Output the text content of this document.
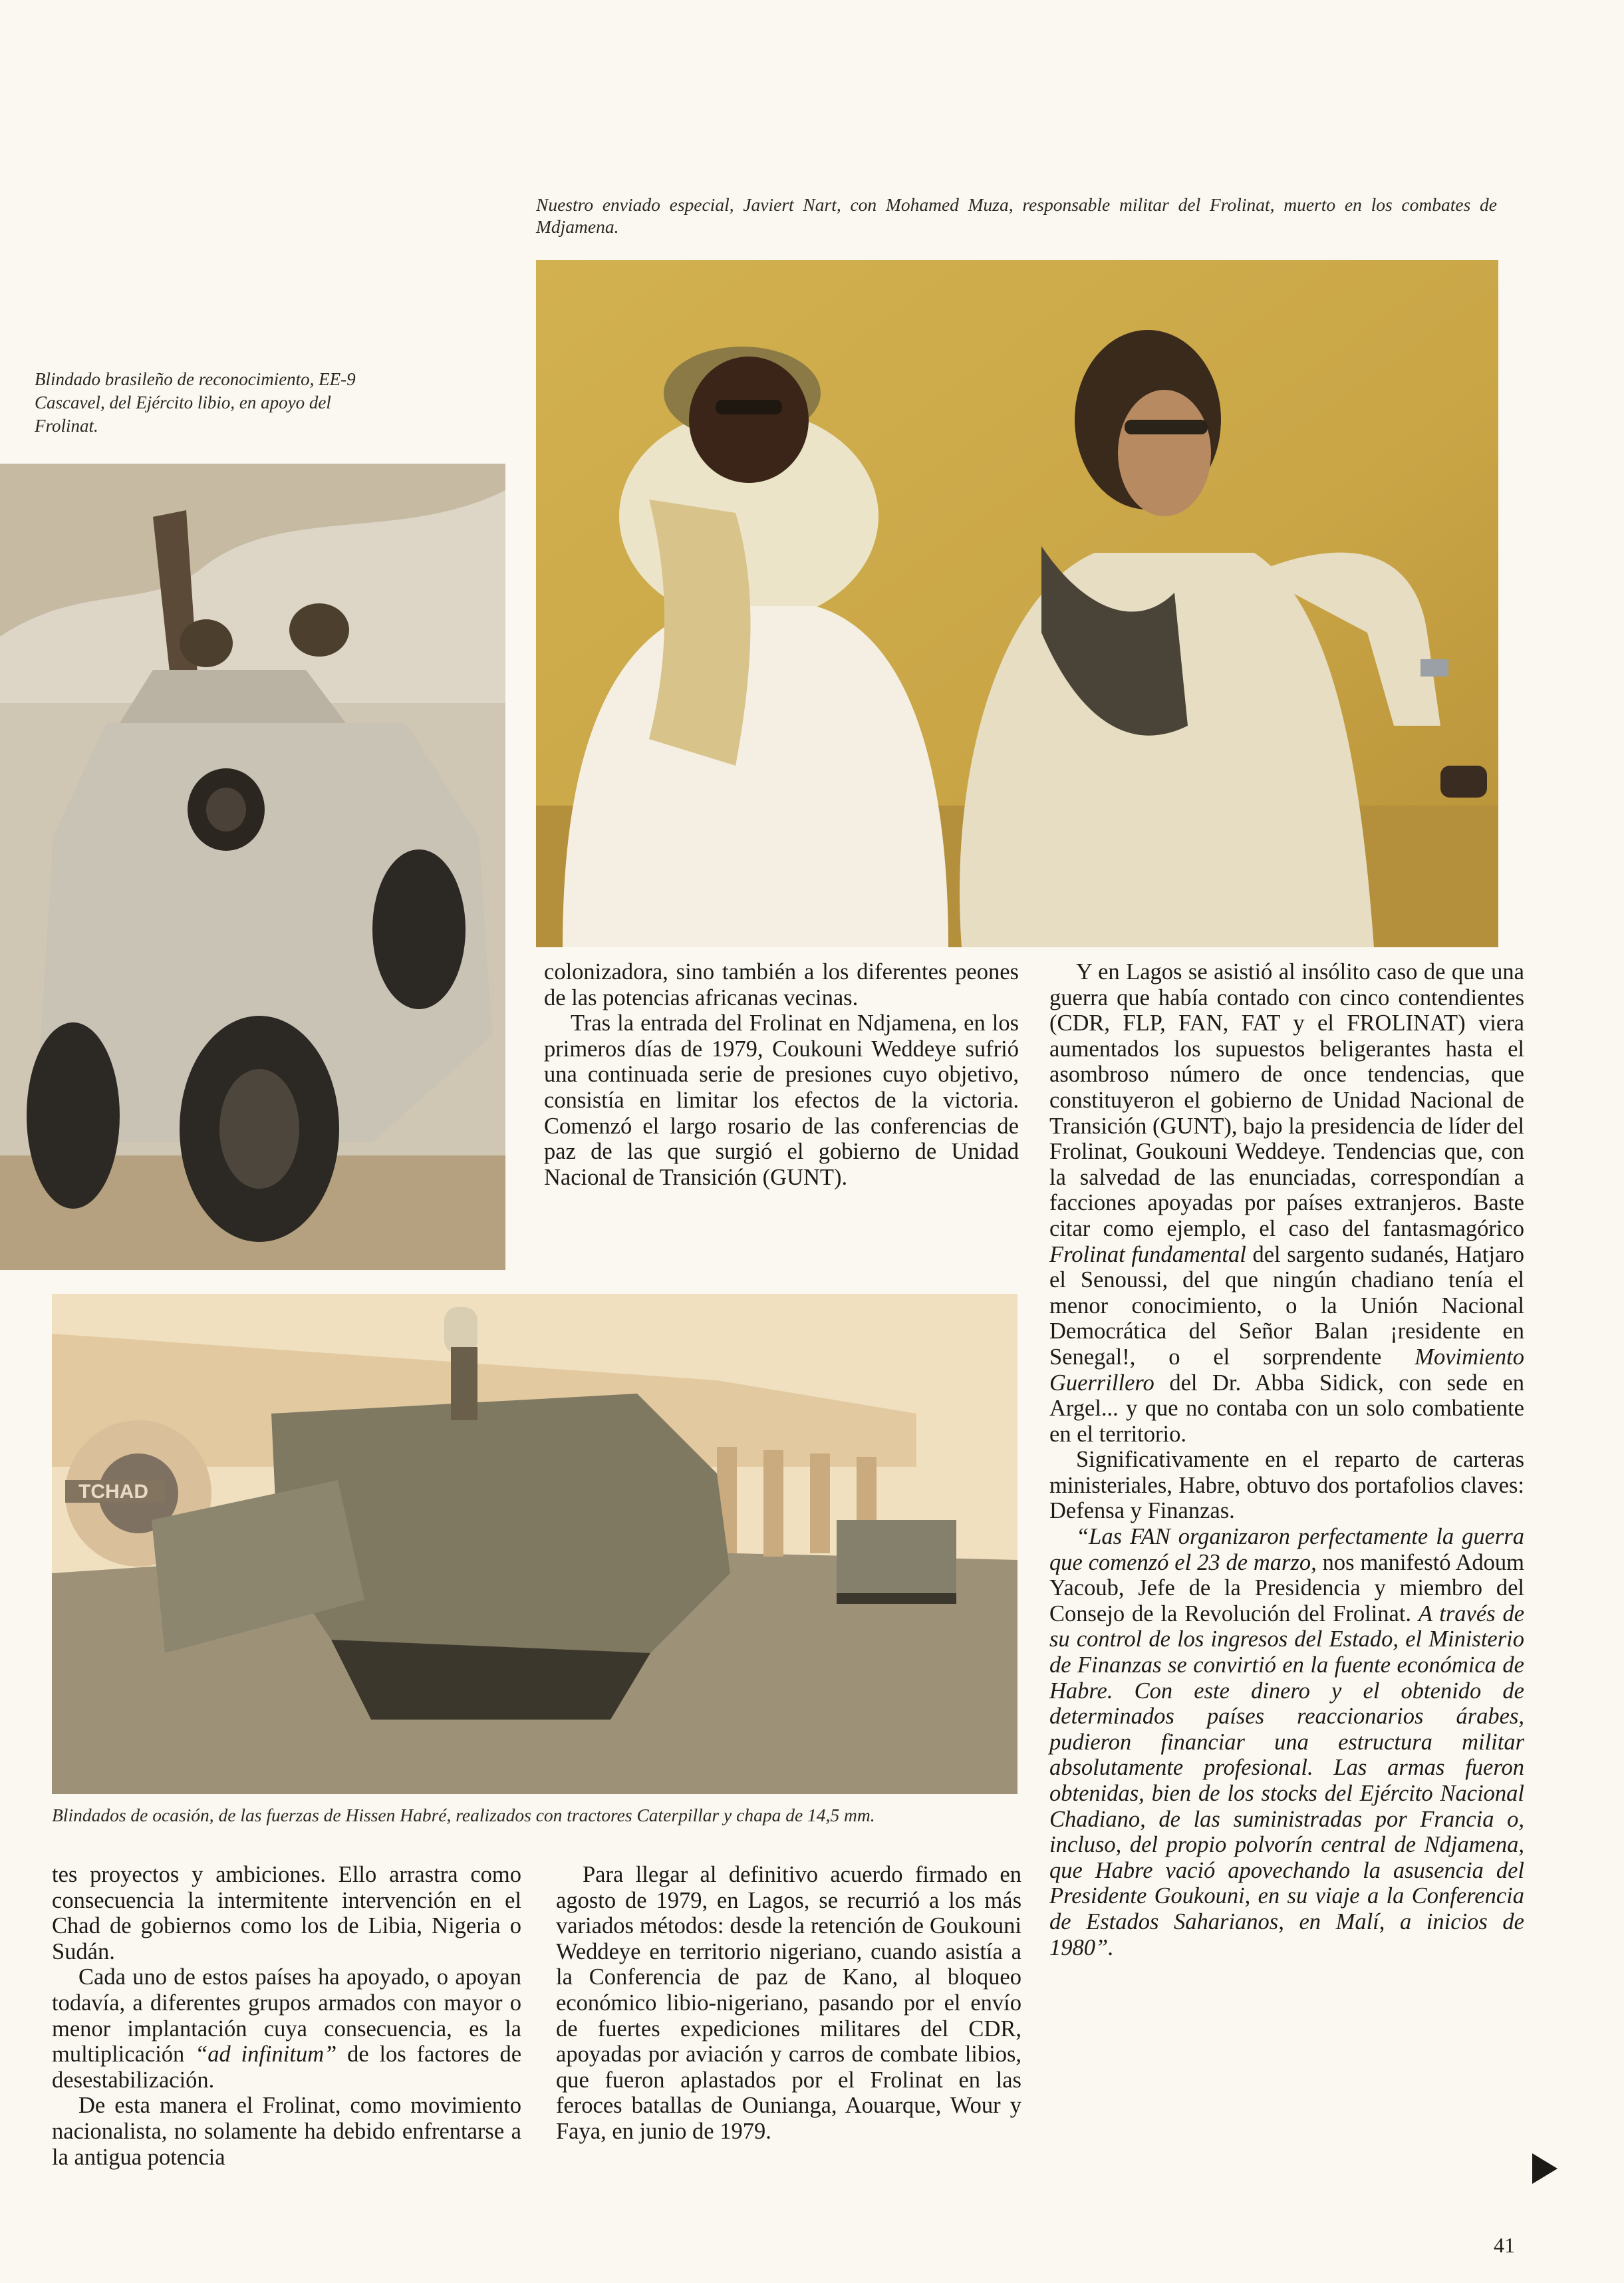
Nuestro enviado especial, Javiert Nart, con Mohamed Muza, responsable militar del Frolinat, muerto en los combates de Mdjamena.
Blindado brasileño de reconocimiento, EE-9 Cascavel, del Ejército libio, en apoyo del Frolinat.
TCHAD
Blindados de ocasión, de las fuerzas de Hissen Habré, realizados con tractores Caterpillar y chapa de 14,5 mm.

colonizadora, sino también a los diferentes peones de las potencias africanas vecinas.

Tras la entrada del Frolinat en Ndjamena, en los primeros días de 1979, Coukouni Weddeye sufrió una continuada serie de presiones cuyo objetivo, consistía en limitar los efectos de la victoria. Comenzó el largo rosario de las conferencias de paz de las que surgió el gobierno de Unidad Nacional de Transición (GUNT).

Y en Lagos se asistió al insólito caso de que una guerra que había contado con cinco contendientes (CDR, FLP, FAN, FAT y el FROLINAT) viera aumentados los supuestos beligerantes hasta el asombroso número de once tendencias, que constituyeron el gobierno de Unidad Nacional de Transición (GUNT), bajo la presidencia de líder del Frolinat, Goukouni Weddeye. Tendencias que, con la salvedad de las enunciadas, correspondían a facciones apoyadas por países extranjeros. Baste citar como ejemplo, el caso del fantasmagórico Frolinat fundamental del sargento sudanés, Hatjaro el Senoussi, del que ningún chadiano tenía el menor conocimiento, o la Unión Nacional Democrática del Señor Balan ¡residente en Senegal!, o el sorprendente Movimiento Guerrillero del Dr. Abba Sidick, con sede en Argel... y que no contaba con un solo combatiente en el territorio.

Significativamente en el reparto de carteras ministeriales, Habre, obtuvo dos portafolios claves: Defensa y Finanzas.

“Las FAN organizaron perfectamente la guerra que comenzó el 23 de marzo, nos manifestó Adoum Yacoub, Jefe de la Presidencia y miembro del Consejo de la Revolución del Frolinat. A través de su control de los ingresos del Estado, el Ministerio de Finanzas se convirtió en la fuente económica de Habre. Con este dinero y el obtenido de determinados países reaccionarios árabes, pudieron financiar una estructura militar absolutamente profesional. Las armas fueron obtenidas, bien de los stocks del Ejército Nacional Chadiano, de las suministradas por Francia o, incluso, del propio polvorín central de Ndjamena, que Habre vació apovechando la asusencia del Presidente Goukouni, en su viaje a la Conferencia de Estados Saharianos, en Malí, a inicios de 1980”.

tes proyectos y ambiciones. Ello arrastra como consecuencia la intermitente intervención en el Chad de gobiernos como los de Libia, Nigeria o Sudán.

Cada uno de estos países ha apoyado, o apoyan todavía, a diferentes grupos armados con mayor o menor implantación cuya consecuencia, es la multiplicación “ad infinitum” de los factores de desestabilización.

De esta manera el Frolinat, como movimiento nacionalista, no solamente ha debido enfrentarse a la antigua potencia

Para llegar al definitivo acuerdo firmado en agosto de 1979, en Lagos, se recurrió a los más variados métodos: desde la retención de Goukouni Weddeye en territorio nigeriano, cuando asistía a la Conferencia de paz de Kano, al bloqueo económico libio-nigeriano, pasando por el envío de fuertes expediciones militares del CDR, apoyadas por aviación y carros de combate libios, que fueron aplastados por el Frolinat en las feroces batallas de Ounianga, Aouarque, Wour y Faya, en junio de 1979.

41
